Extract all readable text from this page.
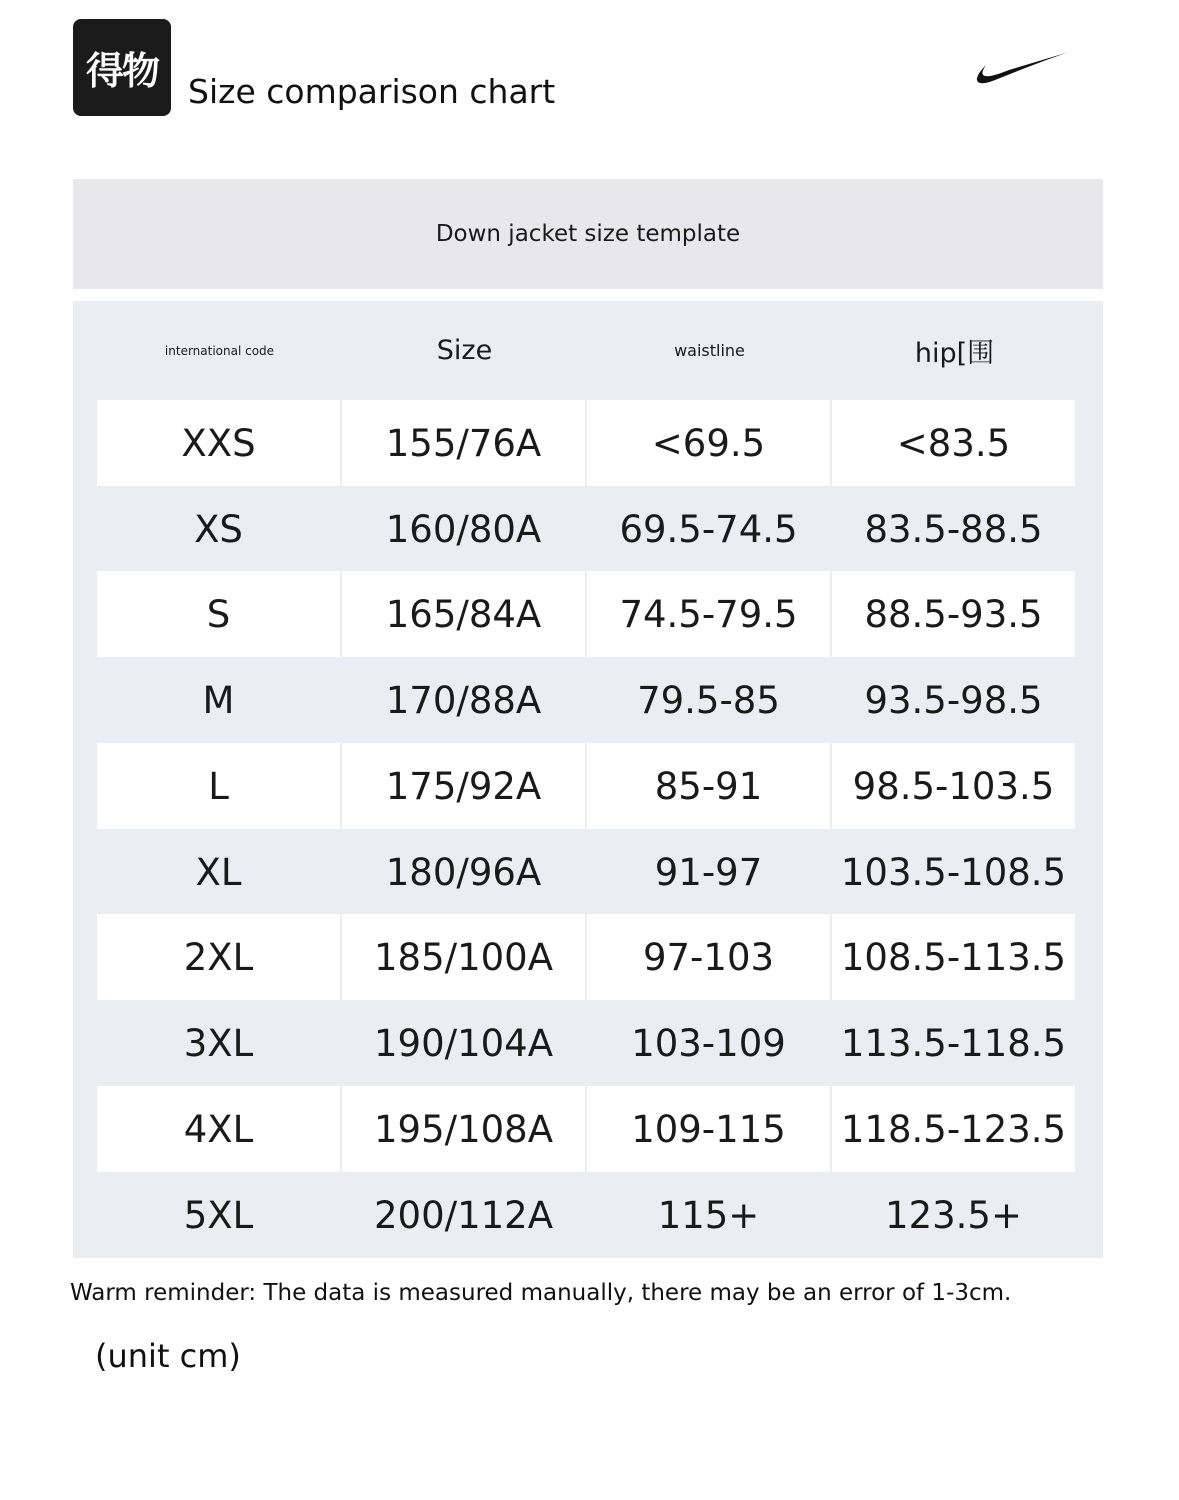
得物 Size comparison chart
Down jacket size template
international code	Size	waistline	hip[围
XXS	155/76A	<69.5	<83.5
XS	160/80A	69.5-74.5	83.5-88.5
S	165/84A	74.5-79.5	88.5-93.5
M	170/88A	79.5-85	93.5-98.5
L	175/92A	85-91	98.5-103.5
XL	180/96A	91-97	103.5-108.5
2XL	185/100A	97-103	108.5-113.5
3XL	190/104A	103-109	113.5-118.5
4XL	195/108A	109-115	118.5-123.5
5XL	200/112A	115+	123.5+
Warm reminder: The data is measured manually, there may be an error of 1-3cm.
(unit cm)
